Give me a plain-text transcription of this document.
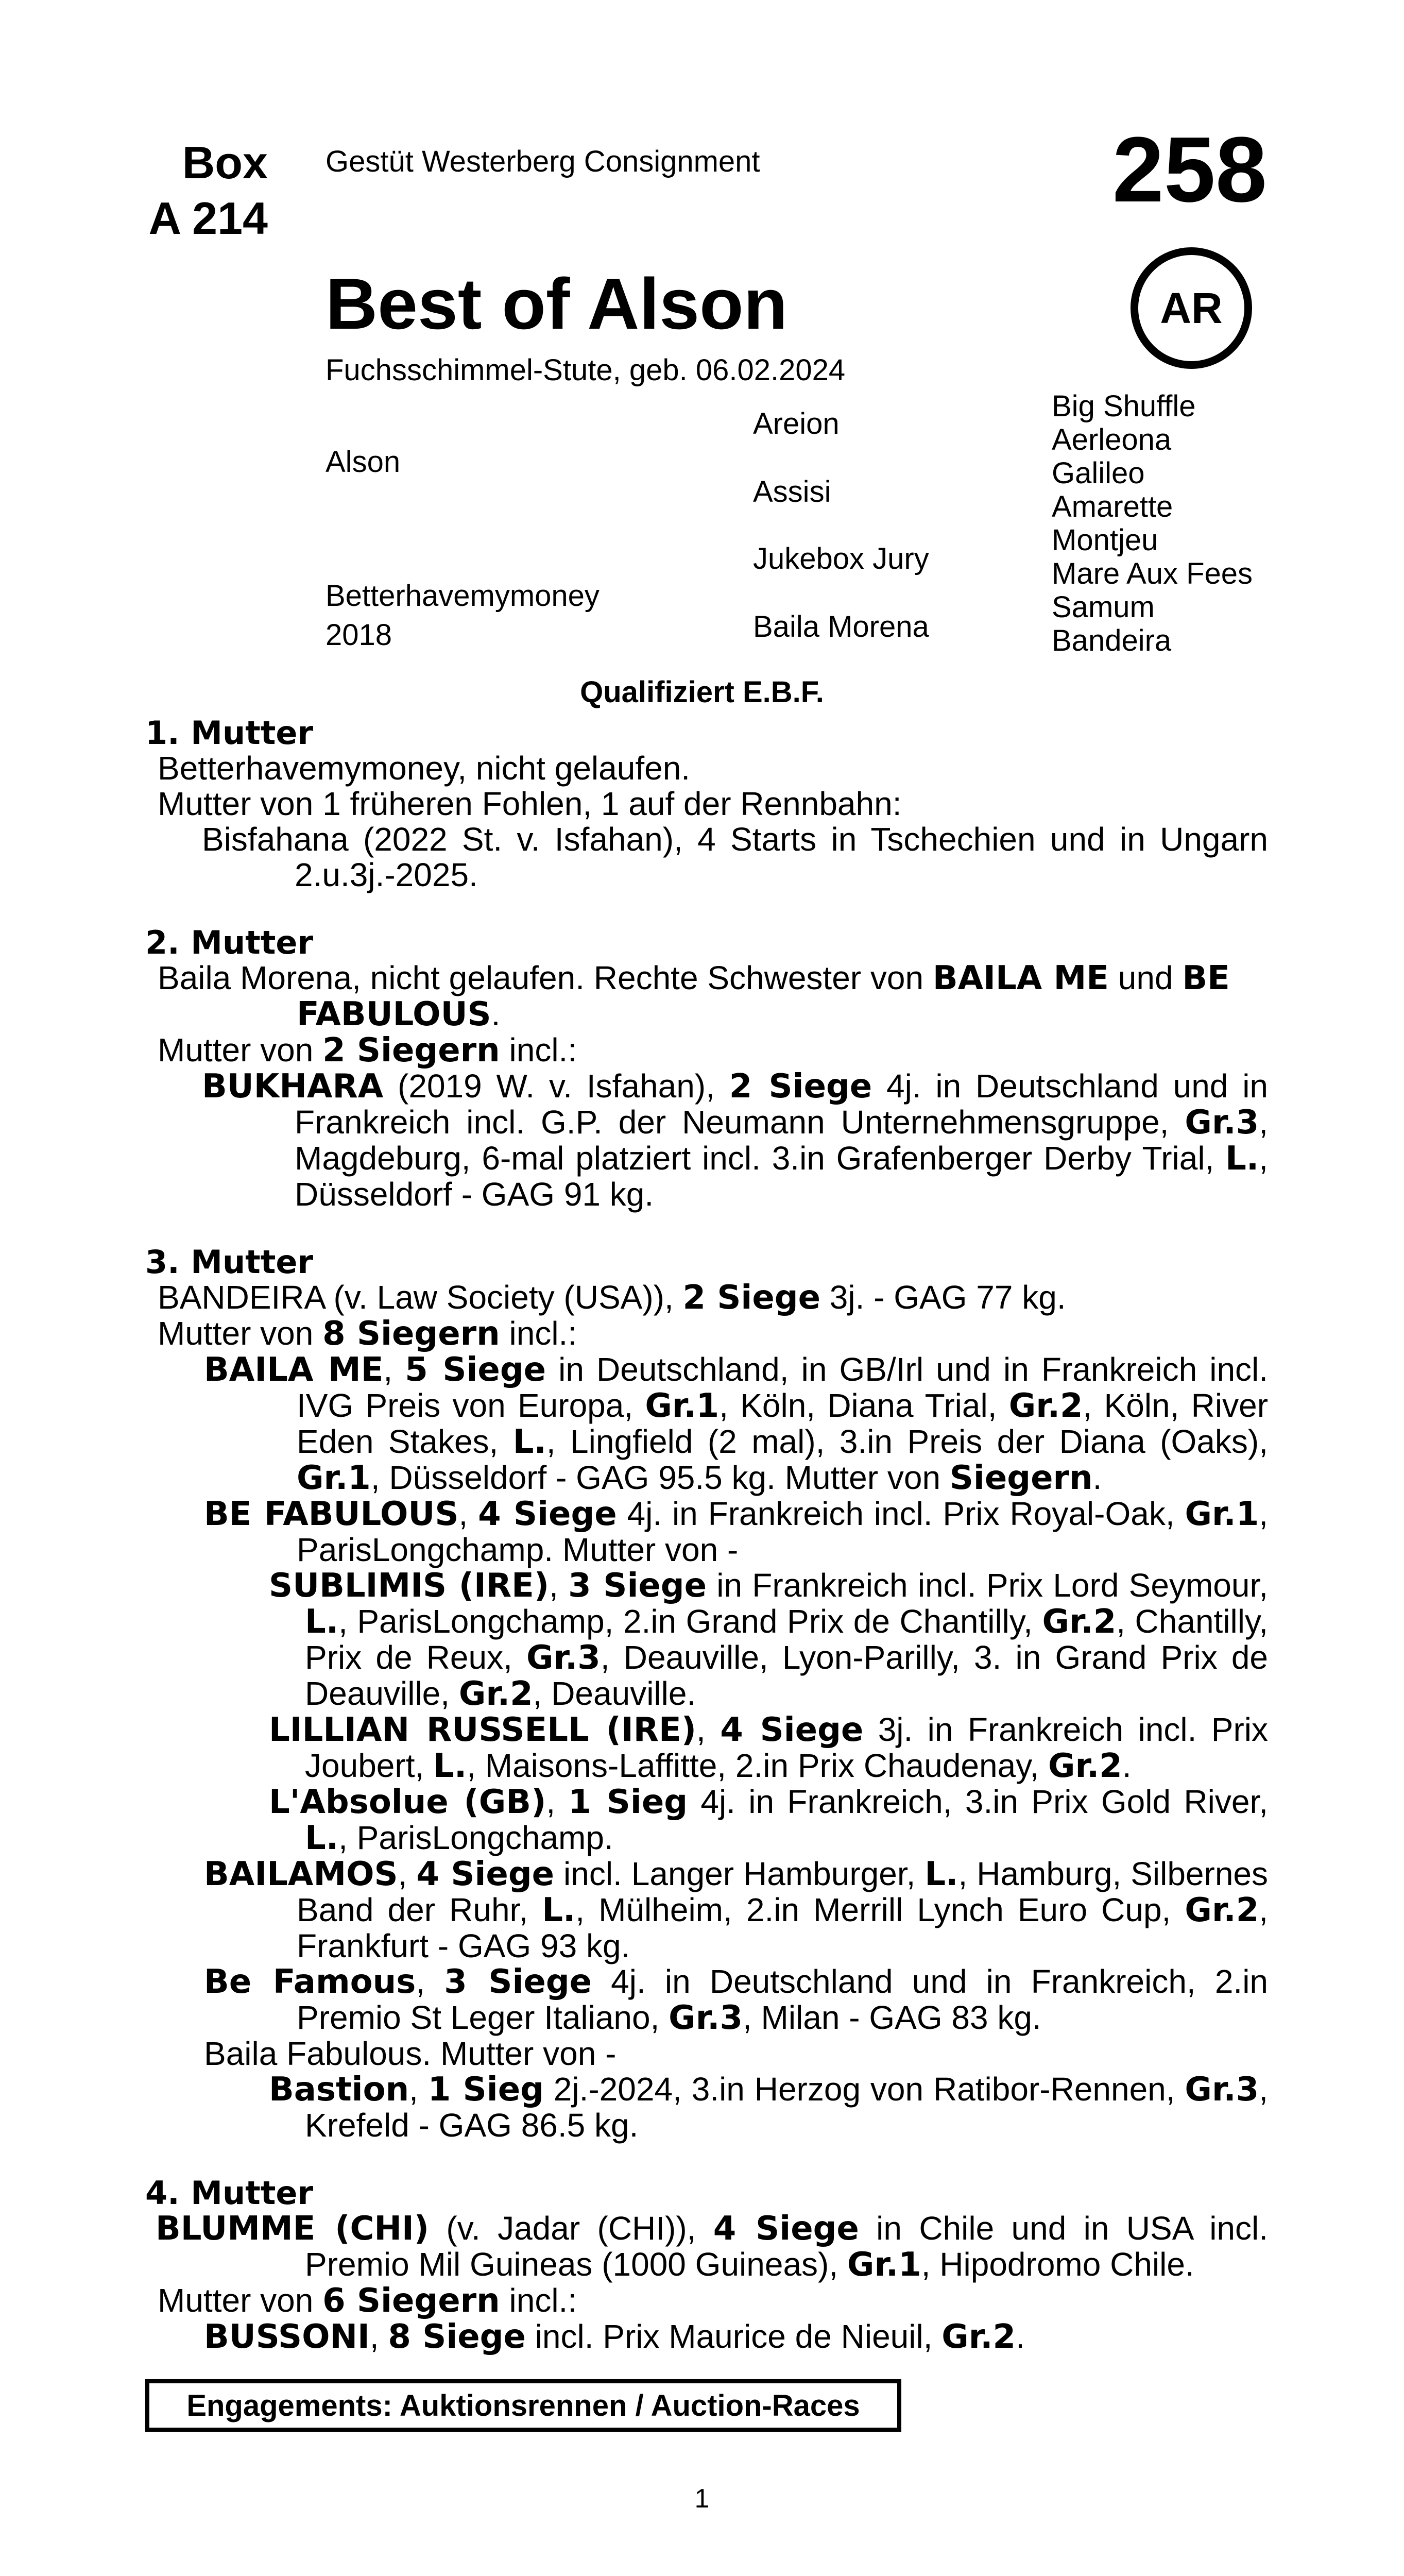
Box
A 214
Gestüt Westerberg Consignment	258
AR
Best of Alson
Fuchsschimmel-Stute, geb. 06.02.2024
Alson
Betterhavemymoney
2018
Areion
Assisi
Jukebox Jury
Baila Morena
Big Shuffle
Aerleona
Galileo
Amarette
Montjeu
Mare Aux Fees
Samum
Bandeira
Qualifiziert E.B.F.
1. Mutter
Betterhavemymoney, nicht gelaufen.
Mutter von 1 früheren Fohlen, 1 auf der Rennbahn:
Bisfahana (2022 St. v. Isfahan), 4 Starts in Tschechien und in Ungarn 2.u.3j.-2025.
2. Mutter
Baila Morena, nicht gelaufen. Rechte Schwester von BAILA ME und BE FABULOUS.
Mutter von 2 Siegern incl.:
BUKHARA (2019 W. v. Isfahan), 2 Siege 4j. in Deutschland und in Frankreich incl. G.P. der Neumann Unternehmensgruppe, Gr.3, Magdeburg, 6-mal platziert incl. 3.in Grafenberger Derby Trial, L., Düsseldorf - GAG 91 kg.
3. Mutter
BANDEIRA (v. Law Society (USA)), 2 Siege 3j. - GAG 77 kg.
Mutter von 8 Siegern incl.:
BAILA ME, 5 Siege in Deutschland, in GB/Irl und in Frankreich incl. IVG Preis von Europa, Gr.1, Köln, Diana Trial, Gr.2, Köln, River Eden Stakes, L., Lingfield (2 mal), 3.in Preis der Diana (Oaks), Gr.1, Düsseldorf - GAG 95.5 kg. Mutter von Siegern.
BE FABULOUS, 4 Siege 4j. in Frankreich incl. Prix Royal-Oak, Gr.1, ParisLongchamp. Mutter von -
SUBLIMIS (IRE), 3 Siege in Frankreich incl. Prix Lord Seymour, L., ParisLongchamp, 2.in Grand Prix de Chantilly, Gr.2, Chantilly, Prix de Reux, Gr.3, Deauville, Lyon-Parilly, 3. in Grand Prix de Deauville, Gr.2, Deauville.
LILLIAN RUSSELL (IRE), 4 Siege 3j. in Frankreich incl. Prix Joubert, L., Maisons-Laffitte, 2.in Prix Chaudenay, Gr.2.
L'Absolue (GB), 1 Sieg 4j. in Frankreich, 3.in Prix Gold River, L., ParisLongchamp.
BAILAMOS, 4 Siege incl. Langer Hamburger, L., Hamburg, Silbernes Band der Ruhr, L., Mülheim, 2.in Merrill Lynch Euro Cup, Gr.2, Frankfurt - GAG 93 kg.
Be Famous, 3 Siege 4j. in Deutschland und in Frankreich, 2.in Premio St Leger Italiano, Gr.3, Milan - GAG 83 kg.
Baila Fabulous. Mutter von -
Bastion, 1 Sieg 2j.-2024, 3.in Herzog von Ratibor-Rennen, Gr.3, Krefeld - GAG 86.5 kg.
4. Mutter
BLUMME (CHI) (v. Jadar (CHI)), 4 Siege in Chile und in USA incl. Premio Mil Guineas (1000 Guineas), Gr.1, Hipodromo Chile.
Mutter von 6 Siegern incl.:
BUSSONI, 8 Siege incl. Prix Maurice de Nieuil, Gr.2.
Engagements: Auktionsrennen / Auction-Races
1
